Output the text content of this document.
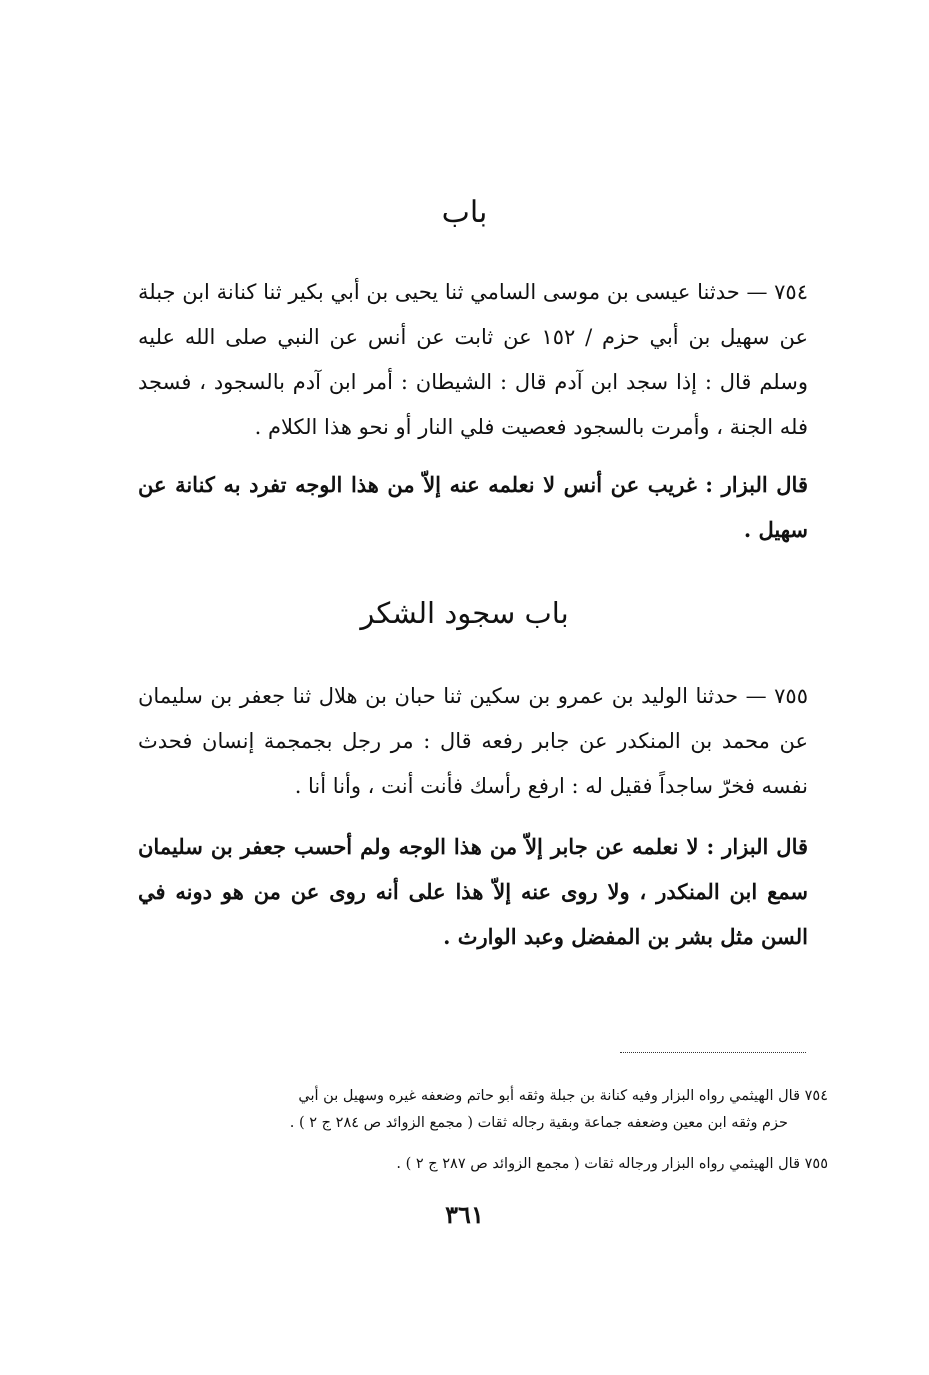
باب

٧٥٤ — حدثنا عيسى بن موسى السامي ثنا يحيى بن أبي بكير ثنا كنانة ابن جبلة عن سهيل بن أبي حزم / ١٥٢ عن ثابت عن أنس عن النبي صلى الله عليه وسلم قال : إذا سجد ابن آدم قال : الشيطان : أمر ابن آدم بالسجود ، فسجد فله الجنة ، وأمرت بالسجود فعصيت فلي النار أو نحو هذا الكلام .

قال البزار : غريب عن أنس لا نعلمه عنه إلاّ من هذا الوجه تفرد به كنانة عن سهيل .

باب سجود الشكر

٧٥٥ — حدثنا الوليد بن عمرو بن سكين ثنا حبان بن هلال ثنا جعفر بن سليمان عن محمد بن المنكدر عن جابر رفعه قال : مر رجل بجمجمة إنسان فحدث نفسه فخرّ ساجداً فقيل له : ارفع رأسك فأنت أنت ، وأنا أنا .

قال البزار : لا نعلمه عن جابر إلاّ من هذا الوجه ولم أحسب جعفر بن سليمان سمع ابن المنكدر ، ولا روى عنه إلاّ هذا على أنه روى عن من هو دونه في السن مثل بشر بن المفضل وعبد الوارث .

٧٥٤ قال الهيثمي رواه البزار وفيه كنانة بن جبلة وثقه أبو حاتم وضعفه غيره وسهيل بن أبي

حزم وثقه ابن معين وضعفه جماعة وبقية رجاله ثقات ( مجمع الزوائد ص ٢٨٤ ج ٢ ) .

٧٥٥ قال الهيثمي رواه البزار ورجاله ثقات ( مجمع الزوائد ص ٢٨٧ ج ٢ ) .

٣٦١
